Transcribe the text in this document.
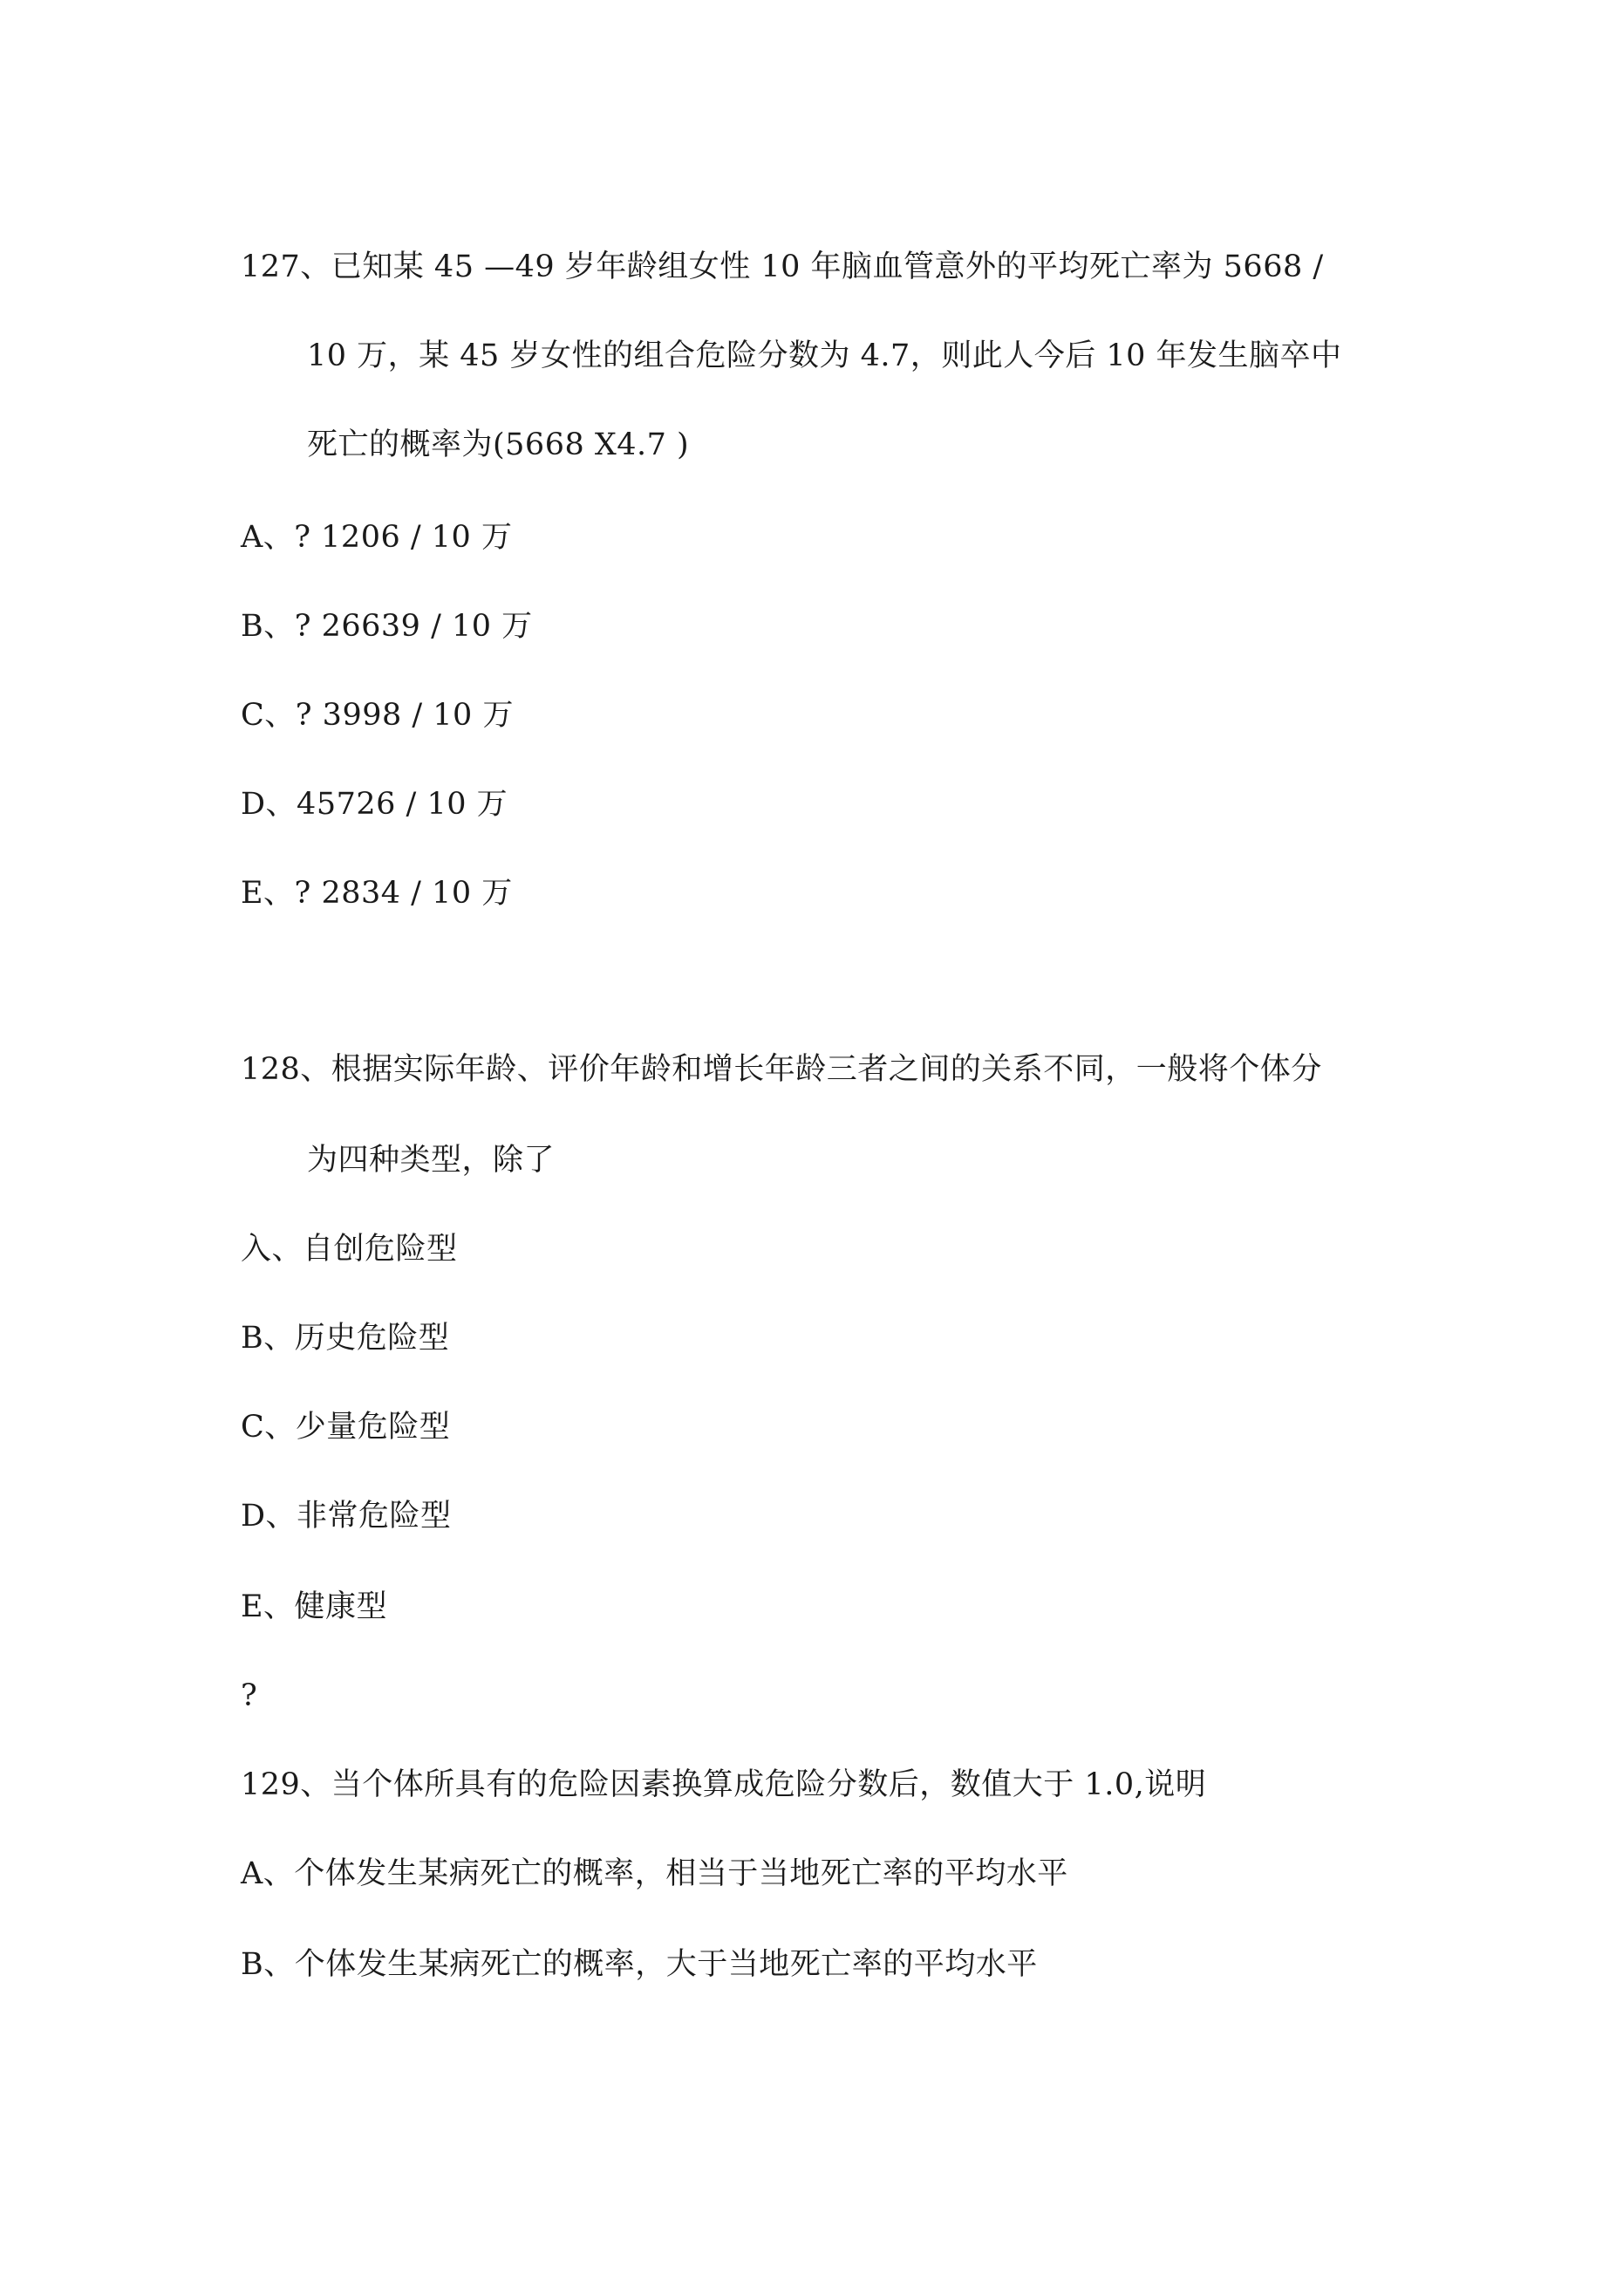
127、已知某 45 —49 岁年龄组女性 10 年脑血管意外的平均死亡率为 5668 /
10 万，某 45 岁女性的组合危险分数为 4.7，则此人今后 10 年发生脑卒中
死亡的概率为(5668 X4.7 )
A、? 1206 / 10 万
B、? 26639 / 10 万
C、? 3998 / 10 万
D、45726 / 10 万
E、? 2834 / 10 万
128、根据实际年龄、评价年龄和增长年龄三者之间的关系不同，一般将个体分
为四种类型，除了
入、自创危险型
B、历史危险型
C、少量危险型
D、非常危险型
E、健康型
?
129、当个体所具有的危险因素换算成危险分数后，数值大于 1.0,说明
A、个体发生某病死亡的概率，相当于当地死亡率的平均水平
B、个体发生某病死亡的概率，大于当地死亡率的平均水平
